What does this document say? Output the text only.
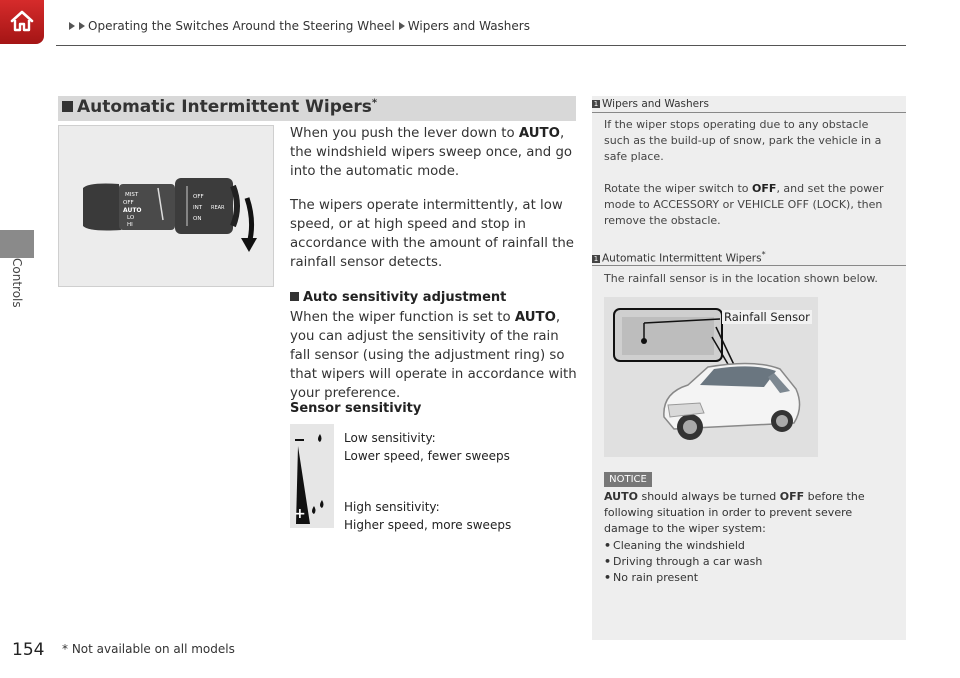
Operating the Switches Around the Steering Wheel Wipers and Washers
Controls
Automatic Intermittent Wipers*
MIST
OFF
AUTO
LO
HI
OFF
INT
ON
REAR

When you push the lever down to AUTO, the windshield wipers sweep once, and go into the automatic mode.

The wipers operate intermittently, at low speed, or at high speed and stop in accordance with the amount of rainfall the rainfall sensor detects.

Auto sensitivity adjustment

When the wiper function is set to AUTO, you can adjust the sensitivity of the rain fall sensor (using the adjustment ring) so that wipers will operate in accordance with your preference.

Sensor sensitivity
+
Low sensitivity:
Lower speed, fewer sweeps
High sensitivity:
Higher speed, more sweeps
1 Wipers and Washers

If the wiper stops operating due to any obstacle such as the build-up of snow, park the vehicle in a safe place.

Rotate the wiper switch to OFF, and set the power mode to ACCESSORY or VEHICLE OFF (LOCK), then remove the obstacle.

1 Automatic Intermittent Wipers*

The rainfall sensor is in the location shown below.

Rainfall Sensor
NOTICE

AUTO should always be turned OFF before the following situation in order to prevent severe damage to the wiper system:

• Cleaning the windshield
• Driving through a car wash
• No rain present
154 * Not available on all models
